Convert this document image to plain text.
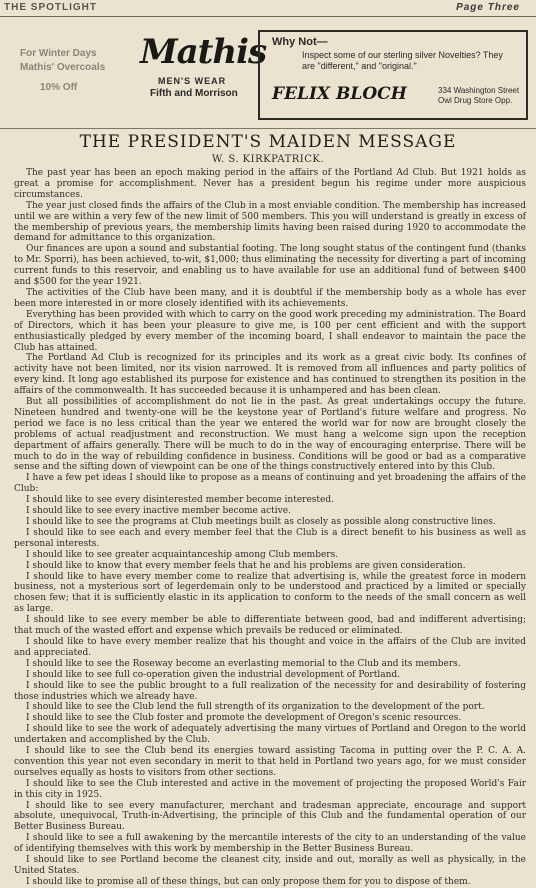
THE SPOTLIGHT	Page Three
For Winter Days
Mathis' Overcoals
10% Off
Mathis
MEN'S WEAR
Fifth and Morrison
Why Not—
Inspect some of our sterling silver Novelties? They are "different," and "original."
FELIX BLOCH	334 Washington Street Owl Drug Store Opp.
THE PRESIDENT'S MAIDEN MESSAGE
W. S. KIRKPATRICK.

The past year has been an epoch making period in the affairs of the Portland Ad Club. But 1921 holds as great a promise for accomplishment. Never has a president begun his regime under more auspicious circumstances.

The year just closed finds the affairs of the Club in a most enviable condition. The membership has increased until we are within a very few of the new limit of 500 members. This you will understand is greatly in excess of the membership of previous years, the membership limits having been raised during 1920 to accommodate the demand for admittance to this organization.

Our finances are upon a sound and substantial footing. The long sought status of the contingent fund (thanks to Mr. Sporri), has been achieved, to-wit, $1,000; thus eliminating the necessity for diverting a part of incoming current funds to this reservoir, and enabling us to have available for use an additional fund of between $400 and $500 for the year 1921.

The activities of the Club have been many, and it is doubtful if the membership body as a whole has ever been more interested in or more closely identified with its achievements.

Everything has been provided with which to carry on the good work preceding my administration. The Board of Directors, which it has been your pleasure to give me, is 100 per cent efficient and with the support enthusiastically pledged by every member of the incoming board, I shall endeavor to maintain the pace the Club has attained.

The Portland Ad Club is recognized for its principles and its work as a great civic body. Its confines of activity have not been limited, nor its vision narrowed. It is removed from all influences and party politics of every kind. It long ago established its purpose for existence and has continued to strengthen its position in the affairs of the commonwealth. It has succeeded because it is unhampered and has been clean.

But all possibilities of accomplishment do not lie in the past. As great undertakings occupy the future. Nineteen hundred and twenty-one will be the keystone year of Portland's future welfare and progress. No period we face is no less critical than the year we entered the world war for now are brought closely the problems of actual readjustment and reconstruction. We must hang a welcome sign upon the reception department of affairs generally. There will be much to do in the way of encouraging enterprise. There will be much to do in the way of rebuilding confidence in business. Conditions will be good or bad as a comparative sense and the sifting down of viewpoint can be one of the things constructively entered into by this Club.

I have a few pet ideas I should like to propose as a means of continuing and yet broadening the affairs of the Club:

I should like to see every disinterested member become interested.

I should like to see every inactive member become active.

I should like to see the programs at Club meetings built as closely as possible along constructive lines.

I should like to see each and every member feel that the Club is a direct benefit to his business as well as personal interests.

I should like to see greater acquaintanceship among Club members.

I should like to know that every member feels that he and his problems are given consideration.

I should like to have every member come to realize that advertising is, while the greatest force in modern business, not a mysterious sort of legerdemain only to be understood and practiced by a limited or specially chosen few; that it is sufficiently elastic in its application to conform to the needs of the small concern as well as large.

I should like to see every member be able to differentiate between good, bad and indifferent advertising; that much of the wasted effort and expense which prevails be reduced or eliminated.

I should like to have every member realize that his thought and voice in the affairs of the Club are invited and appreciated.

I should like to see the Roseway become an everlasting memorial to the Club and its members.

I should like to see full co-operation given the industrial development of Portland.

I should like to see the public brought to a full realization of the necessity for and desirability of fostering those industries which we already have.

I should like to see the Club lend the full strength of its organization to the development of the port.

I should like to see the Club foster and promote the development of Oregon's scenic resources.

I should like to see the work of adequately advertising the many virtues of Portland and Oregon to the world undertaken and accomplished by the Club.

I should like to see the Club bend its energies toward assisting Tacoma in putting over the P. C. A. A. convention this year not even secondary in merit to that held in Portland two years ago, for we must consider ourselves equally as hosts to visitors from other sections.

I should like to see the Club interested and active in the movement of projecting the proposed World's Fair in this city in 1925.

I should like to see every manufacturer, merchant and tradesman appreciate, encourage and support absolute, unequivocal, Truth-in-Advertising, the principle of this Club and the fundamental operation of our Better Business Bureau.

I should like to see a full awakening by the mercantile interests of the city to an understanding of the value of identifying themselves with this work by membership in the Better Business Bureau.

I should like to see Portland become the cleanest city, inside and out, morally as well as physically, in the United States.

I should like to promise all of these things, but can only propose them for you to dispose of them.
